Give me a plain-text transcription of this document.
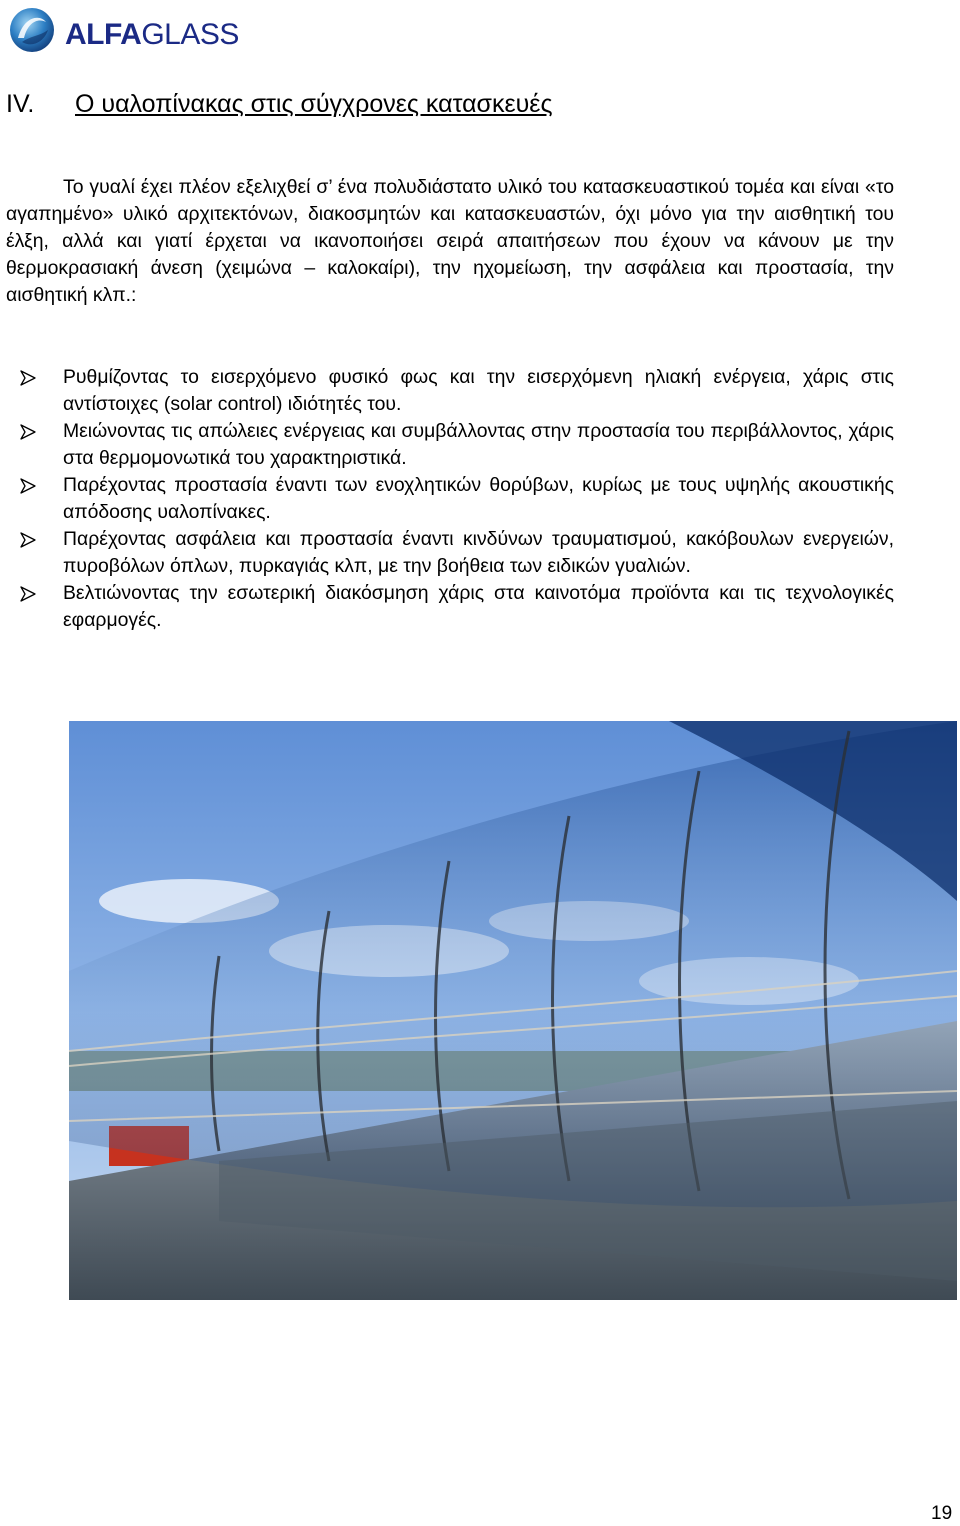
ALFAGLASS
IV. Ο υαλοπίνακας στις σύγχρονες κατασκευές
Το γυαλί έχει πλέον εξελιχθεί σ’ ένα πολυδιάστατο υλικό του κατασκευαστικού τομέα και είναι «το αγαπημένο» υλικό αρχιτεκτόνων, διακοσμητών και κατασκευαστών, όχι μόνο για την αισθητική του έλξη, αλλά και γιατί έρχεται να ικανοποιήσει σειρά απαιτήσεων που έχουν να κάνουν με την θερμοκρασιακή άνεση (χειμώνα – καλοκαίρι), την ηχομείωση, την ασφάλεια και προστασία, την αισθητική κλπ.:
Ρυθμίζοντας το εισερχόμενο φυσικό φως και την εισερχόμενη ηλιακή ενέργεια, χάρις στις αντίστοιχες (solar control) ιδιότητές του.
Μειώνοντας τις απώλειες ενέργειας και συμβάλλοντας στην προστασία του περιβάλλοντος, χάρις στα θερμομονωτικά του χαρακτηριστικά.
Παρέχοντας προστασία έναντι των ενοχλητικών θορύβων, κυρίως με τους υψηλής ακουστικής απόδοσης υαλοπίνακες.
Παρέχοντας ασφάλεια και προστασία έναντι κινδύνων τραυματισμού, κακόβουλων ενεργειών, πυροβόλων όπλων, πυρκαγιάς κλπ, με την βοήθεια των ειδικών γυαλιών.
Βελτιώνοντας την εσωτερική διακόσμηση χάρις στα καινοτόμα προϊόντα και τις τεχνολογικές εφαρμογές.
19
